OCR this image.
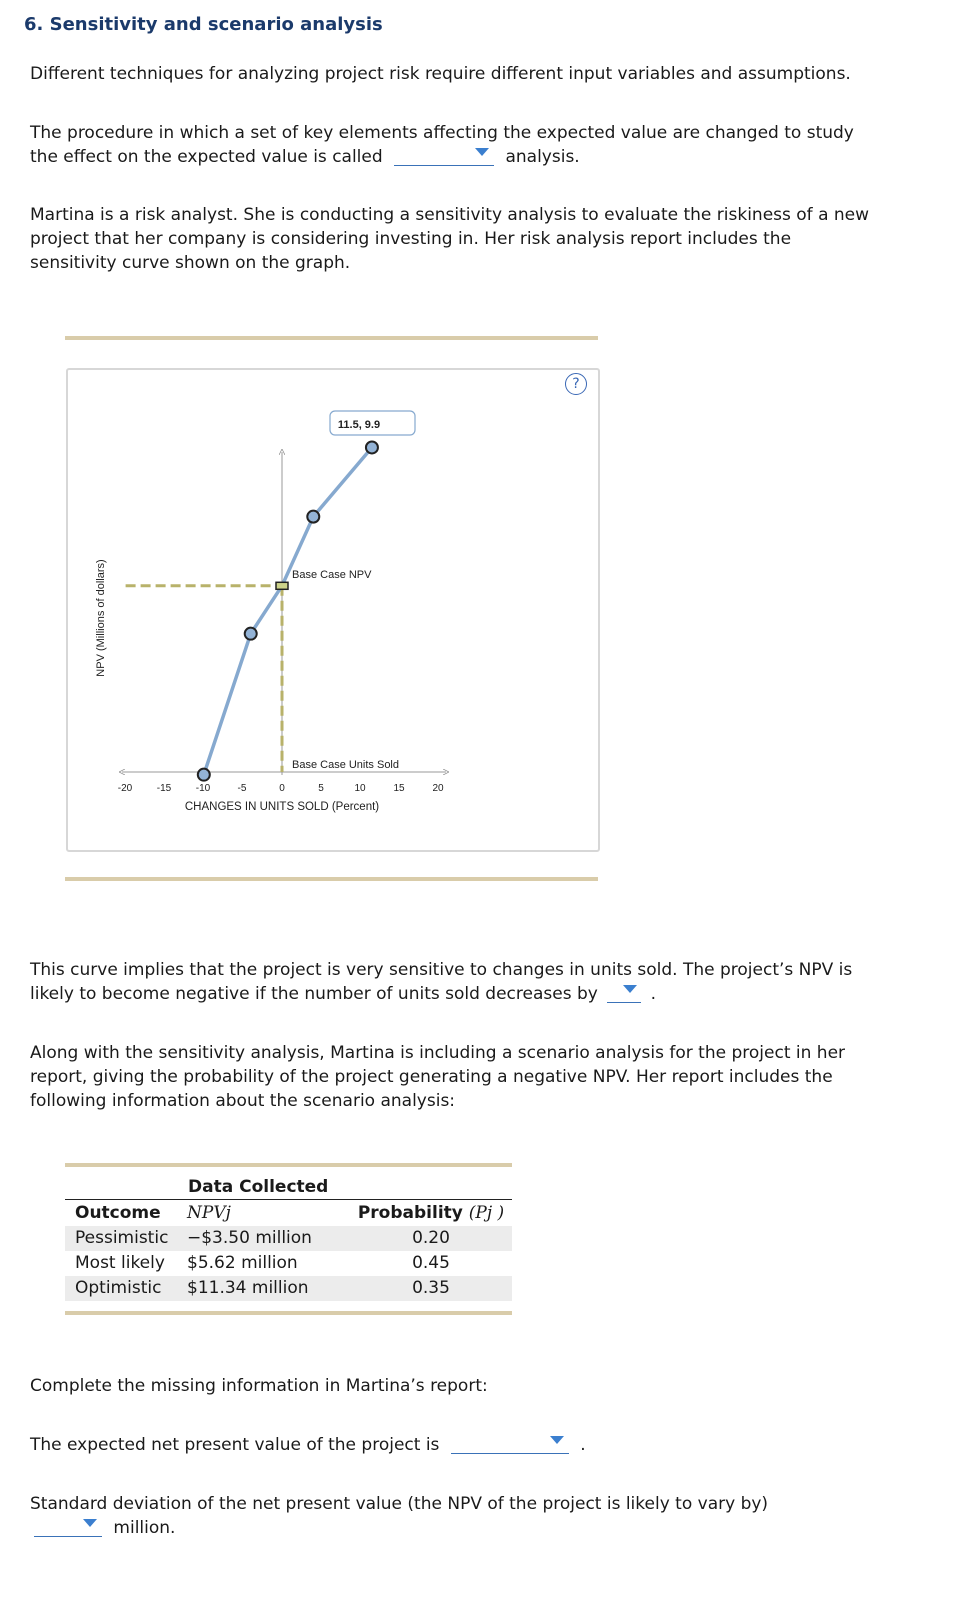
6. Sensitivity and scenario analysis
Different techniques for analyzing project risk require different input variables and assumptions.
The procedure in which a set of key elements affecting the expected value are changed to study
the effect on the expected value is called	analysis.
Martina is a risk analyst. She is conducting a sensitivity analysis to evaluate the riskiness of a new
project that her company is considering investing in. Her risk analysis report includes the
sensitivity curve shown on the graph.
?
NPV (Millions of dollars)
-20 -15 -10	-5	0	5	10	15	20
CHANGES IN UNITS SOLD (Percent)
Base Case NPV
Base Case Units Sold
11.5, 9.9
This curve implies that the project is very sensitive to changes in units sold. The project’s NPV is
likely to become negative if the number of units sold decreases by	.
Along with the sensitivity analysis, Martina is including a scenario analysis for the project in her
report, giving the probability of the project generating a negative NPV. Her report includes the
following information about the scenario analysis:
Data Collected
Outcome	NPVj	Probability (Pj )
Pessimistic	−$3.50 million	0.20
Most likely	$5.62 million	0.45
Optimistic	$11.34 million	0.35
Complete the missing information in Martina’s report:
The expected net present value of the project is	.
Standard deviation of the net present value (the NPV of the project is likely to vary by)
million.
